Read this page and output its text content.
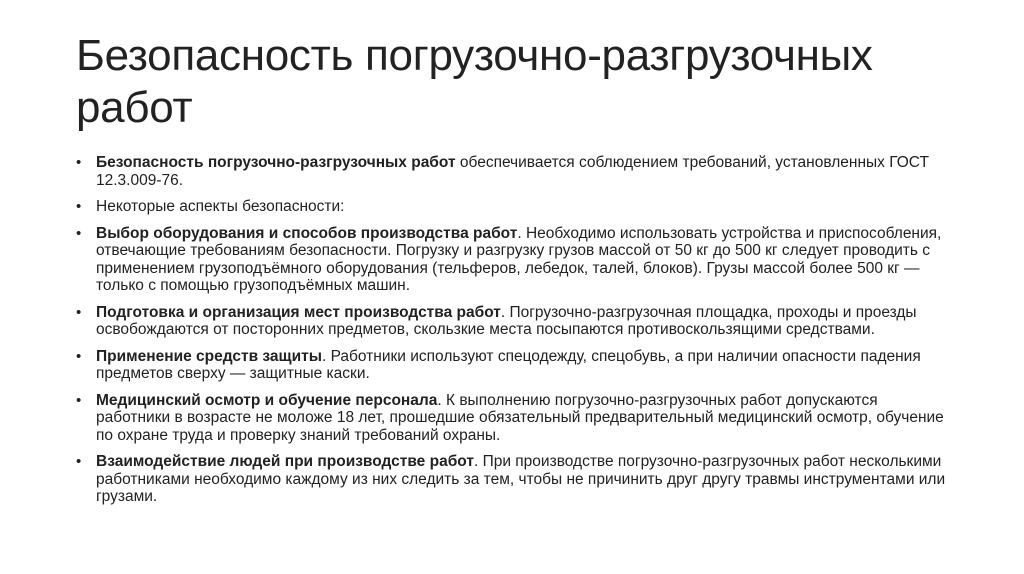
Безопасность погрузочно-разгрузочных работ
• Безопасность погрузочно-разгрузочных работ обеспечивается соблюдением требований, установленных ГОСТ 12.3.009-76.
• Некоторые аспекты безопасности:
• Выбор оборудования и способов производства работ. Необходимо использовать устройства и приспособления, отвечающие требованиям безопасности. Погрузку и разгрузку грузов массой от 50 кг до 500 кг следует проводить с применением грузоподъёмного оборудования (тельферов, лебедок, талей, блоков). Грузы массой более 500 кг — только с помощью грузоподъёмных машин.
• Подготовка и организация мест производства работ. Погрузочно-разгрузочная площадка, проходы и проезды освобождаются от посторонних предметов, скользкие места посыпаются противоскользящими средствами.
• Применение средств защиты. Работники используют спецодежду, спецобувь, а при наличии опасности падения предметов сверху — защитные каски.
• Медицинский осмотр и обучение персонала. К выполнению погрузочно-разгрузочных работ допускаются работники в возрасте не моложе 18 лет, прошедшие обязательный предварительный медицинский осмотр, обучение по охране труда и проверку знаний требований охраны.
• Взаимодействие людей при производстве работ. При производстве погрузочно-разгрузочных работ несколькими работниками необходимо каждому из них следить за тем, чтобы не причинить друг другу травмы инструментами или грузами.
